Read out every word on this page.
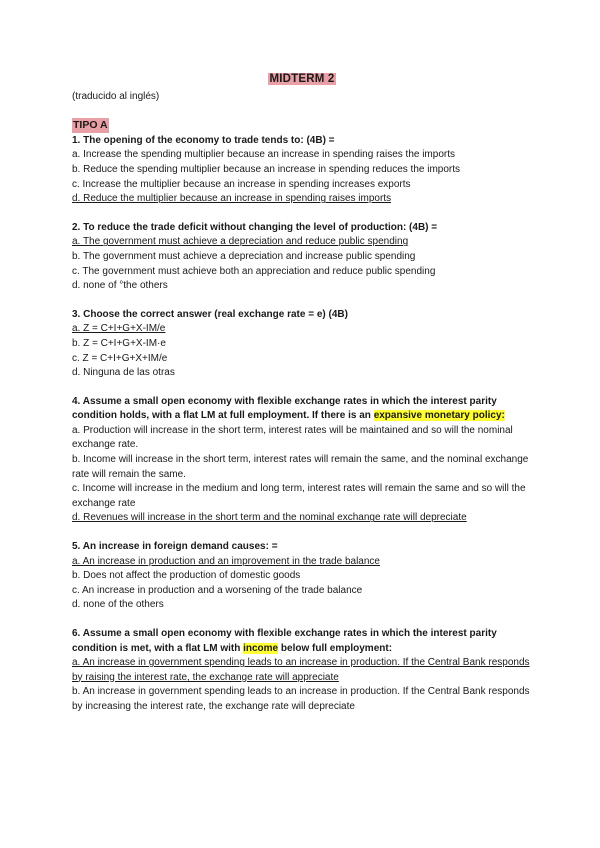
MIDTERM 2
(traducido al inglés)
TIPO A
1. The opening of the economy to trade tends to: (4B) =
a. Increase the spending multiplier because an increase in spending raises the imports
b. Reduce the spending multiplier because an increase in spending reduces the imports
c. Increase the multiplier because an increase in spending increases exports
d. Reduce the multiplier because an increase in spending raises imports
2. To reduce the trade deficit without changing the level of production: (4B) =
a. The government must achieve a depreciation and reduce public spending
b. The government must achieve a depreciation and increase public spending
c. The government must achieve both an appreciation and reduce public spending
d. none of °the others
3. Choose the correct answer (real exchange rate = e) (4B)
a. Z = C+I+G+X-IM/e
b. Z = C+I+G+X-IM·e
c. Z = C+I+G+X+IM/e
d. Ninguna de las otras
4. Assume a small open economy with flexible exchange rates in which the interest parity condition holds, with a flat LM at full employment. If there is an expansive monetary policy:
a. Production will increase in the short term, interest rates will be maintained and so will the nominal exchange rate.
b. Income will increase in the short term, interest rates will remain the same, and the nominal exchange rate will remain the same.
c. Income will increase in the medium and long term, interest rates will remain the same and so will the exchange rate
d. Revenues will increase in the short term and the nominal exchange rate will depreciate
5. An increase in foreign demand causes: =
a. An increase in production and an improvement in the trade balance
b. Does not affect the production of domestic goods
c. An increase in production and a worsening of the trade balance
d. none of the others
6. Assume a small open economy with flexible exchange rates in which the interest parity condition is met, with a flat LM with income below full employment:
a. An increase in government spending leads to an increase in production. If the Central Bank responds by raising the interest rate, the exchange rate will appreciate
b. An increase in government spending leads to an increase in production. If the Central Bank responds by increasing the interest rate, the exchange rate will depreciate
